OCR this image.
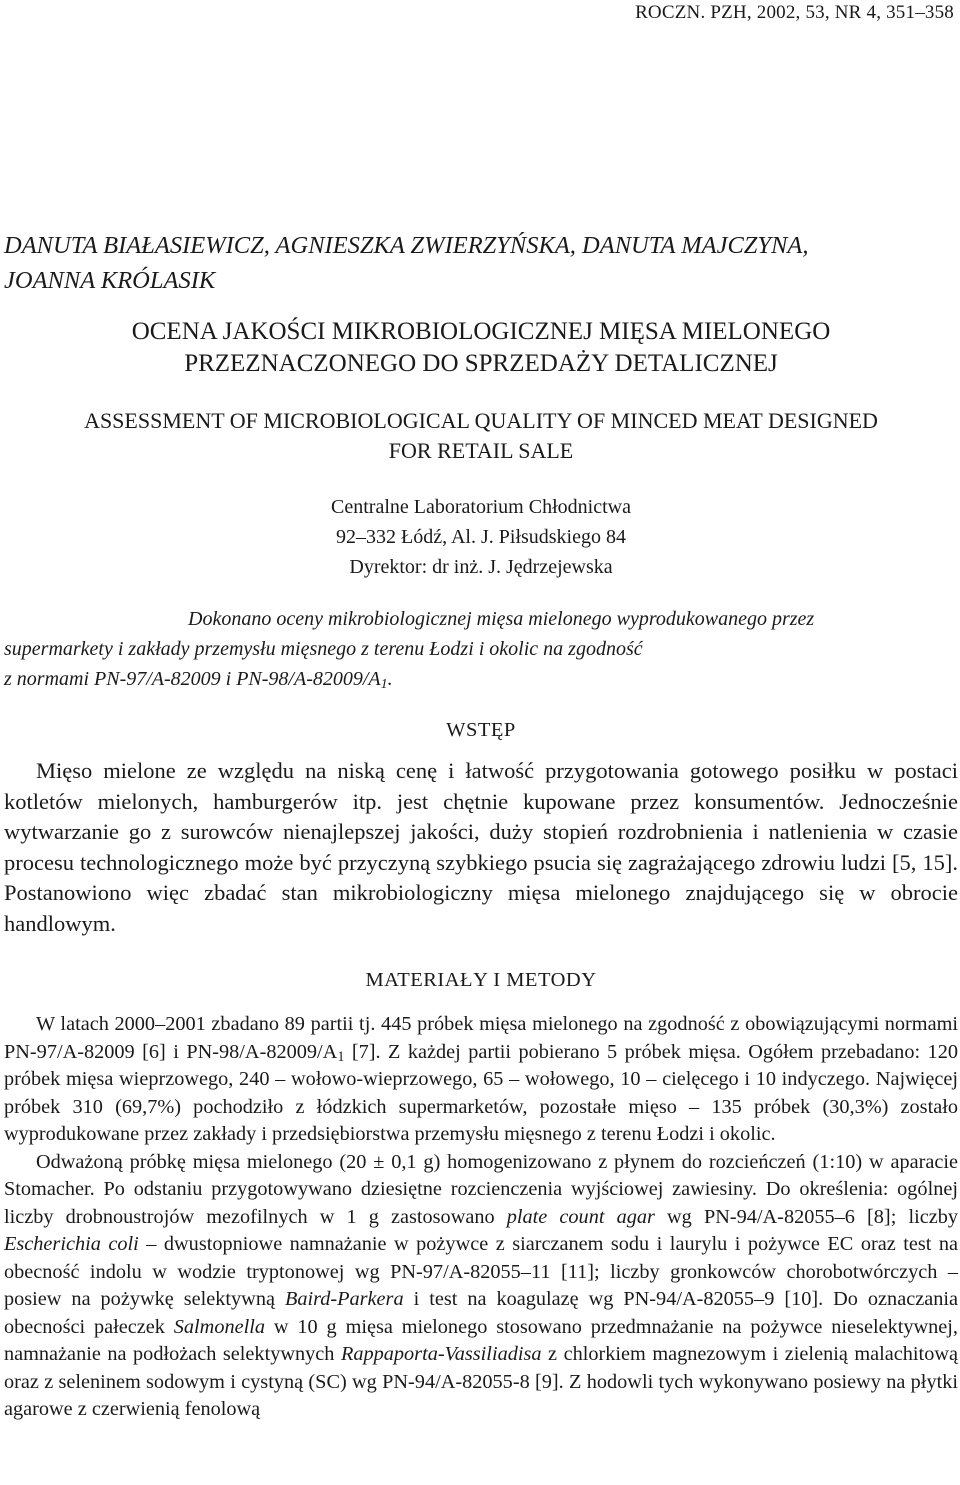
ROCZN. PZH, 2002, 53, NR 4, 351–358
DANUTA BIAŁASIEWICZ, AGNIESZKA ZWIERZYŃSKA, DANUTA MAJCZYNA,
JOANNA KRÓLASIK
OCENA JAKOŚCI MIKROBIOLOGICZNEJ MIĘSA MIELONEGO
PRZEZNACZONEGO DO SPRZEDAŻY DETALICZNEJ
ASSESSMENT OF MICROBIOLOGICAL QUALITY OF MINCED MEAT DESIGNED
FOR RETAIL SALE
Centralne Laboratorium Chłodnictwa
92–332 Łódź, Al. J. Piłsudskiego 84
Dyrektor: dr inż. J. Jędrzejewska
Dokonano oceny mikrobiologicznej mięsa mielonego wyprodukowanego przez
supermarkety i zakłady przemysłu mięsnego z terenu Łodzi i okolic na zgodność
z normami PN-97/A-82009 i $PN-98/A-82009/A_1$.
WSTĘP

Mięso mielone ze względu na niską cenę i łatwość przygotowania gotowego posiłku w postaci kotletów mielonych, hamburgerów itp. jest chętnie kupowane przez konsumentów. Jednocześnie wytwarzanie go z surowców nienajlepszej jakości, duży stopień rozdrobnienia i natlenienia w czasie procesu technologicznego może być przyczyną szybkiego psucia się zagrażającego zdrowiu ludzi [5, 15]. Postanowiono więc zbadać stan mikrobiologiczny mięsa mielonego znajdującego się w obrocie handlowym.

MATERIAŁY I METODY

W latach 2000–2001 zbadano 89 partii tj. 445 próbek mięsa mielonego na zgodność z obowiązującymi normami PN-97/A-82009 [6] i $PN-98/A-82009/A_1$ [7]. Z każdej partii pobierano 5 próbek mięsa. Ogółem przebadano: 120 próbek mięsa wieprzowego, 240 – wołowo-wieprzowego, 65 – wołowego, 10 – cielęcego i 10 indyczego. Najwięcej próbek 310 (69,7%) pochodziło z łódzkich supermarketów, pozostałe mięso – 135 próbek (30,3%) zostało wyprodukowane przez zakłady i przedsiębiorstwa przemysłu mięsnego z terenu Łodzi i okolic.

Odważoną próbkę mięsa mielonego (20 ± 0,1 g) homogenizowano z płynem do rozcieńczeń (1:10) w aparacie Stomacher. Po odstaniu przygotowywano dziesiętne rozcienczenia wyjściowej zawiesiny. Do określenia: ogólnej liczby drobnoustrojów mezofilnych w 1 g zastosowano plate count agar wg PN-94/A-82055–6 [8]; liczby Escherichia coli – dwustopniowe namnażanie w pożywce z siarczanem sodu i laurylu i pożywce EC oraz test na obecność indolu w wodzie tryptonowej wg PN-97/A-82055–11 [11]; liczby gronkowców chorobotwórczych – posiew na pożywkę selektywną Baird-Parkera i test na koagulazę wg PN-94/A-82055–9 [10]. Do oznaczania obecności pałeczek Salmonella w 10 g mięsa mielonego stosowano przedmnażanie na pożywce nieselektywnej, namnażanie na podłożach selektywnych Rappaporta-Vassiliadisa z chlorkiem magnezowym i zielenią malachitową oraz z seleninem sodowym i cystyną (SC) wg PN-94/A-82055-8 [9]. Z hodowli tych wykonywano posiewy na płytki agarowe z czerwienią fenolową
